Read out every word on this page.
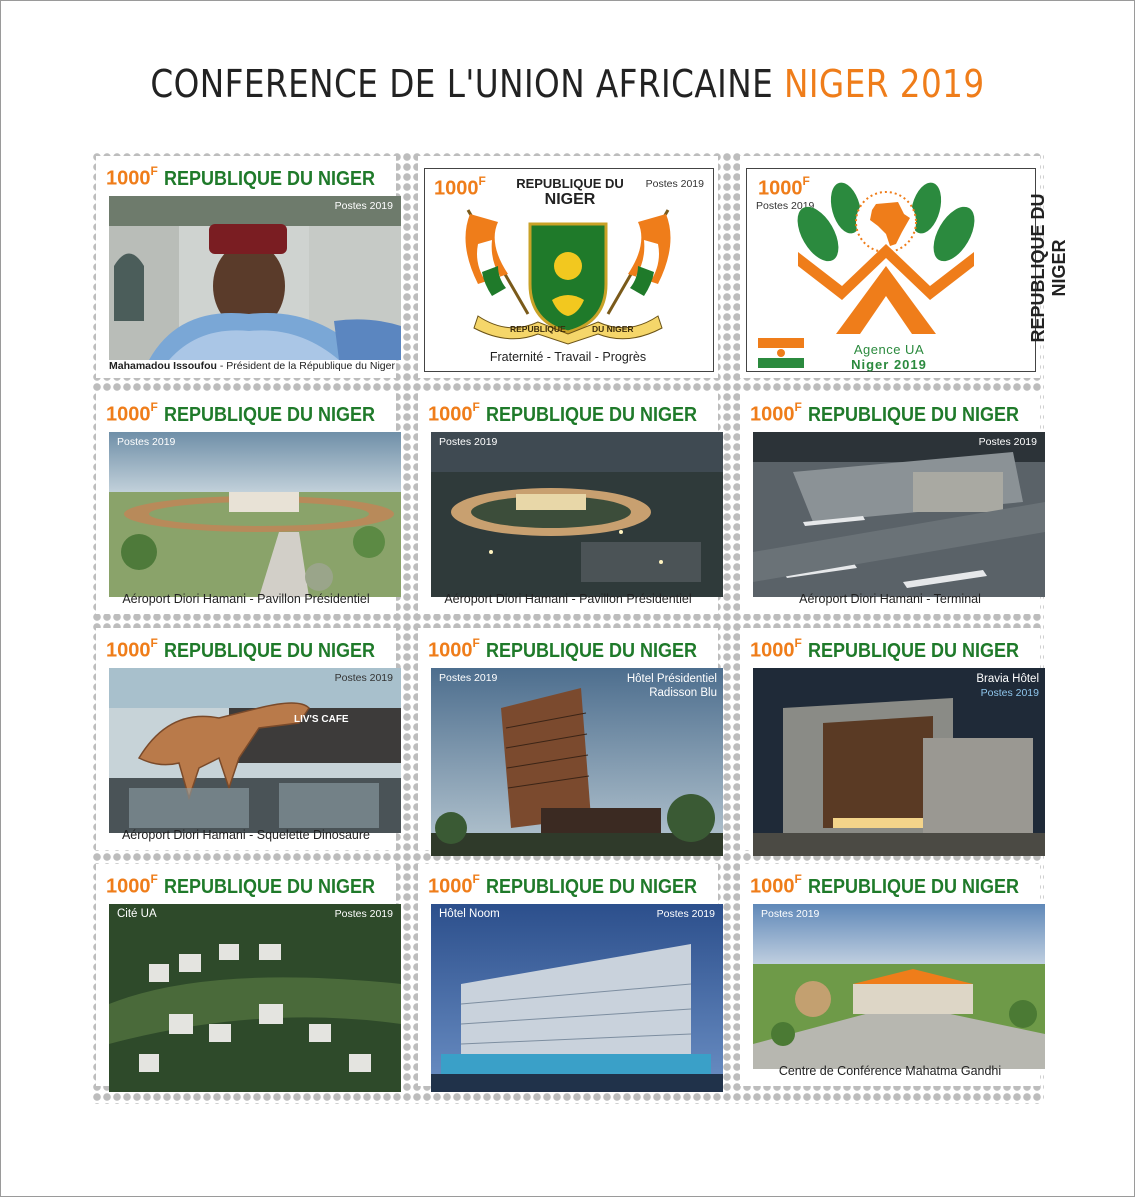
CONFERENCE DE L'UNION AFRICAINE NIGER 2019
$1000^F$ REPUBLIQUE DU NIGER
Postes 2019
Mahamadou Issoufou - Président de la République du Niger
$1000^F$	REPUBLIQUE DU
NIGER
Postes 2019
REPUBLIQUE	DU NIGER
Fraternité - Travail - Progrès
$1000^F$
Postes 2019
Agence UA
Niger 2019
REPUBLIQUE DU NIGER
$1000^F$ REPUBLIQUE DU NIGER
Postes 2019
Aéroport Diori Hamani - Pavillon Présidentiel
$1000^F$ REPUBLIQUE DU NIGER
Postes 2019
Aéroport Diori Hamani - Pavillon Présidentiel
$1000^F$ REPUBLIQUE DU NIGER
Postes 2019
Aéroport Diori Hamani - Terminal
$1000^F$ REPUBLIQUE DU NIGER
LIV'S CAFE
Postes 2019
Aéroport Diori Hamani - Squelette Dinosaure
$1000^F$ REPUBLIQUE DU NIGER
Postes 2019	Hôtel Présidentiel
Radisson Blu
$1000^F$ REPUBLIQUE DU NIGER
Bravia Hôtel
Postes 2019
$1000^F$ REPUBLIQUE DU NIGER
Cité UA	Postes 2019
$1000^F$ REPUBLIQUE DU NIGER
Hôtel Noom	Postes 2019
$1000^F$ REPUBLIQUE DU NIGER
Postes 2019
Centre de Conférence Mahatma Gandhi
